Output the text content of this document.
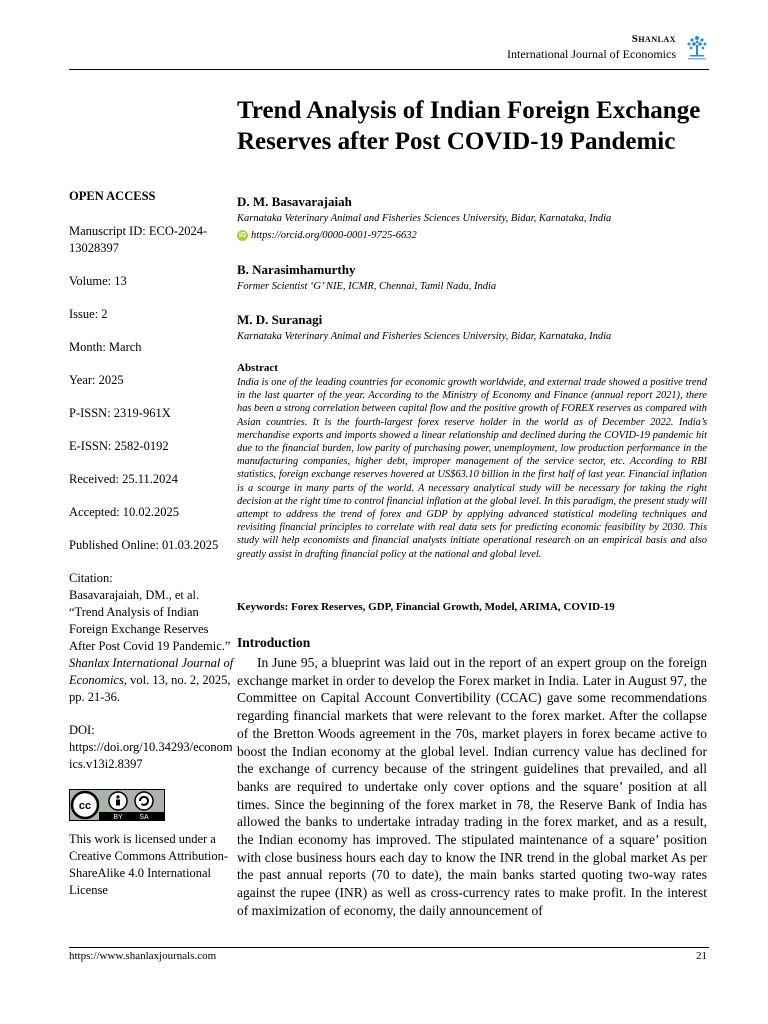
Shanlax
International Journal of Economics
Trend Analysis of Indian Foreign Exchange Reserves after Post COVID-19 Pandemic
OPEN ACCESS
Manuscript ID: ECO-2024-13028397
Volume: 13
Issue: 2
Month: March
Year: 2025
P-ISSN: 2319-961X
E-ISSN: 2582-0192
Received: 25.11.2024
Accepted: 10.02.2025
Published Online: 01.03.2025
Citation:
Basavarajaiah, DM., et al. “Trend Analysis of Indian Foreign Exchange Reserves After Post Covid 19 Pandemic.” Shanlax International Journal of Economics, vol. 13, no. 2, 2025, pp. 21-36.
DOI:
https://doi.org/10.34293/economics.v13i2.8397
cc
BY SA
This work is licensed under a Creative Commons Attribution-ShareAlike 4.0 International License
D. M. Basavarajaiah
Karnataka Veterinary Animal and Fisheries Sciences University, Bidar, Karnataka, India
iD https://orcid.org/0000-0001-9725-6632
B. Narasimhamurthy
Former Scientist ‘G’ NIE, ICMR, Chennai, Tamil Nadu, India
M. D. Suranagi
Karnataka Veterinary Animal and Fisheries Sciences University, Bidar, Karnataka, India
Abstract
India is one of the leading countries for economic growth worldwide, and external trade showed a positive trend in the last quarter of the year. According to the Ministry of Economy and Finance (annual report 2021), there has been a strong correlation between capital flow and the positive growth of FOREX reserves as compared with Asian countries. It is the fourth-largest forex reserve holder in the world as of December 2022. India’s merchandise exports and imports showed a linear relationship and declined during the COVID-19 pandemic hit due to the financial burden, low parity of purchasing power, unemployment, low production performance in the manufacturing companies, higher debt, improper management of the service sector, etc. According to RBI statistics, foreign exchange reserves hovered at US$63.10 billion in the first half of last year. Financial inflation is a scourge in many parts of the world. A necessary analytical study will be necessary for taking the right decision at the right time to control financial inflation at the global level. In this paradigm, the present study will attempt to address the trend of forex and GDP by applying advanced statistical modeling techniques and revisiting financial principles to correlate with real data sets for predicting economic feasibility by 2030. This study will help economists and financial analysts initiate operational research on an empirical basis and also greatly assist in drafting financial policy at the national and global level.
Keywords: Forex Reserves, GDP, Financial Growth, Model, ARIMA, COVID-19
Introduction
In June 95, a blueprint was laid out in the report of an expert group on the foreign exchange market in order to develop the Forex market in India. Later in August 97, the Committee on Capital Account Convertibility (CCAC) gave some recommendations regarding financial markets that were relevant to the forex market. After the collapse of the Bretton Woods agreement in the 70s, market players in forex became active to boost the Indian economy at the global level. Indian currency value has declined for the exchange of currency because of the stringent guidelines that prevailed, and all banks are required to undertake only cover options and the square’ position at all times. Since the beginning of the forex market in 78, the Reserve Bank of India has allowed the banks to undertake intraday trading in the forex market, and as a result, the Indian economy has improved. The stipulated maintenance of a square’ position with close business hours each day to know the INR trend in the global market As per the past annual reports (70 to date), the main banks started quoting two-way rates against the rupee (INR) as well as cross-currency rates to make profit. In the interest of maximization of economy, the daily announcement of
https://www.shanlaxjournals.com	21
